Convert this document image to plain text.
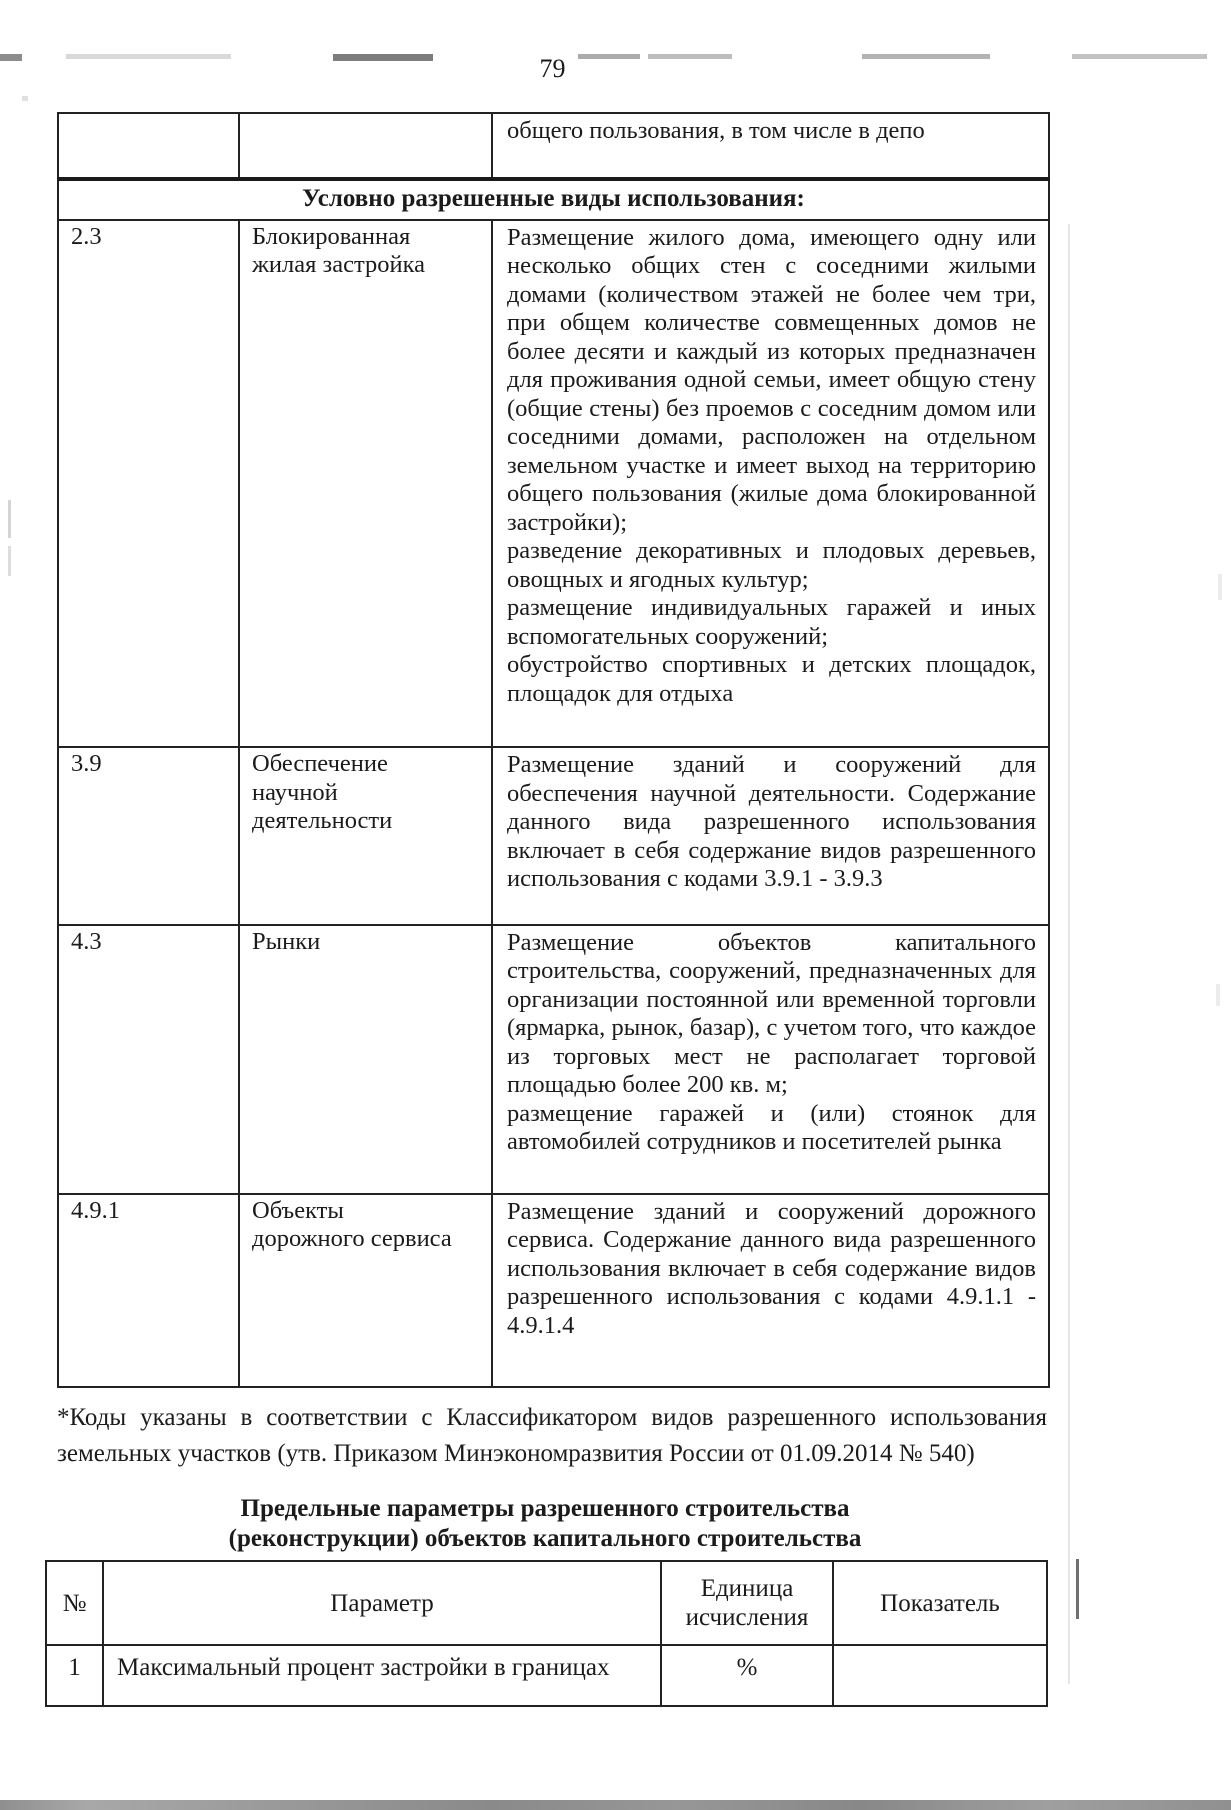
79

		общего пользования, в том числе в депо

Условно разрешенные виды использования:		
2.3	Блокированная жилая застройка	Размещение жилого дома, имеющего одну или несколько общих стен с соседними жилыми домами (количеством этажей не более чем три, при общем количестве совмещенных домов не более десяти и каждый из которых предназначен для проживания одной семьи, имеет общую стену (общие стены) без проемов с соседним домом или соседними домами, расположен на отдельном земельном участке и имеет выход на территорию общего пользования (жилые дома блокированной застройки);

разведение декоративных и плодовых деревьев, овощных и ягодных культур;

размещение индивидуальных гаражей и иных вспомогательных сооружений;

обустройство спортивных и детских площадок, площадок для отдыха

3.9	Обеспечение научной деятельности	Размещение зданий и сооружений для обеспечения научной деятельности. Содержание данного вида разрешенного использования включает в себя содержание видов разрешенного использования с кодами 3.9.1 - 3.9.3

4.3	Рынки	Размещение объектов капитального строительства, сооружений, предназначенных для организации постоянной или временной торговли (ярмарка, рынок, базар), с учетом того, что каждое из торговых мест не располагает торговой площадью более 200 кв. м;

размещение гаражей и (или) стоянок для автомобилей сотрудников и посетителей рынка

4.9.1	Объекты дорожного сервиса	Размещение зданий и сооружений дорожного сервиса. Содержание данного вида разрешенного использования включает в себя содержание видов разрешенного использования с кодами 4.9.1.1 - 4.9.1.4

*Коды указаны в соответствии с Классификатором видов разрешенного использования земельных участков (утв. Приказом Минэкономразвития России от 01.09.2014 № 540)
Предельные параметры разрешенного строительства
(реконструкции) объектов капитального строительства
№	Параметр	Единица исчисления	Показатель
1	Максимальный процент застройки в границах	%	
